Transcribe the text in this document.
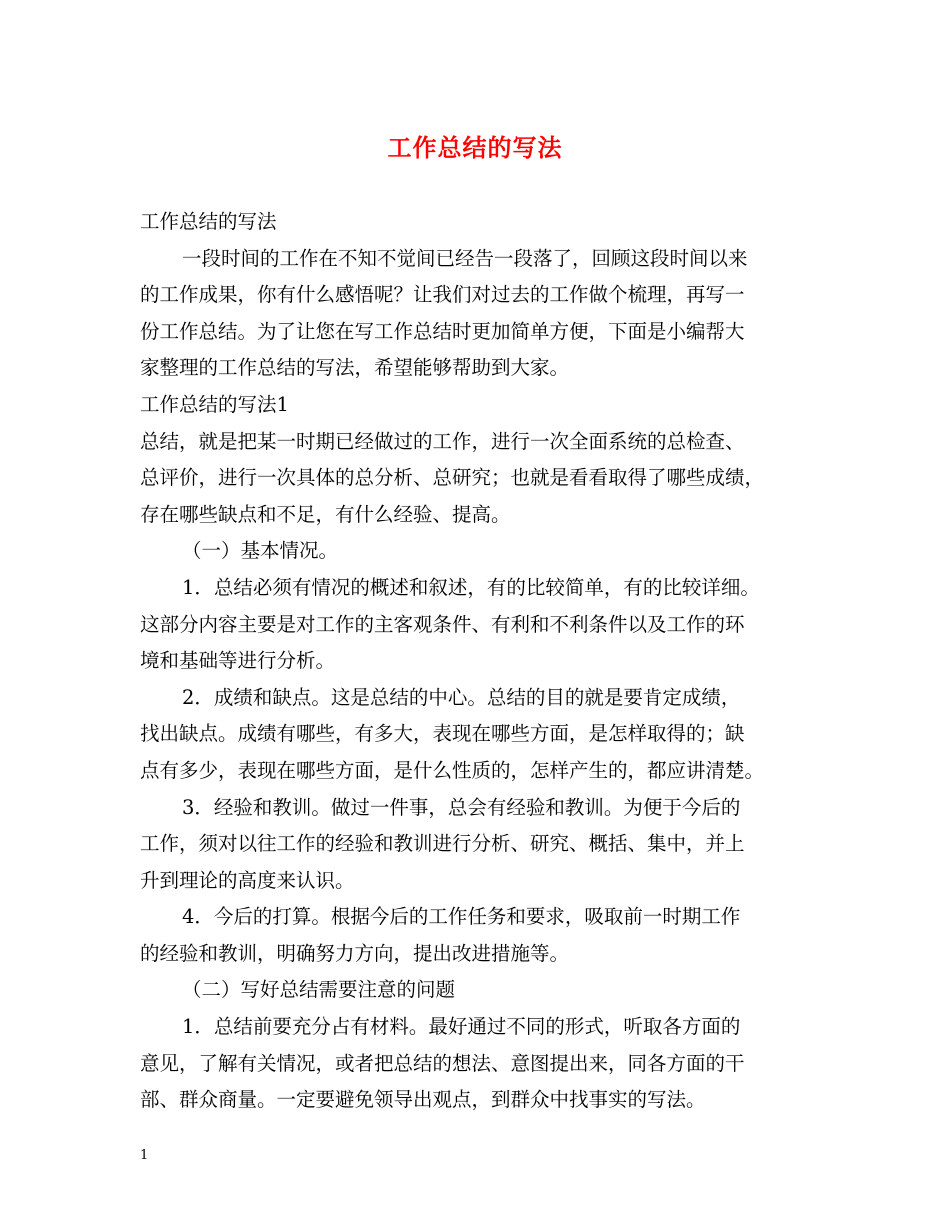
工作总结的写法
工作总结的写法
一段时间的工作在不知不觉间已经告一段落了，回顾这段时间以来
的工作成果，你有什么感悟呢？让我们对过去的工作做个梳理，再写一
份工作总结。为了让您在写工作总结时更加简单方便，下面是小编帮大
家整理的工作总结的写法，希望能够帮助到大家。
工作总结的写法1
总结，就是把某一时期已经做过的工作，进行一次全面系统的总检查、
总评价，进行一次具体的总分析、总研究；也就是看看取得了哪些成绩，
存在哪些缺点和不足，有什么经验、提高。
（一）基本情况。
1．总结必须有情况的概述和叙述，有的比较简单，有的比较详细。
这部分内容主要是对工作的主客观条件、有利和不利条件以及工作的环
境和基础等进行分析。
2．成绩和缺点。这是总结的中心。总结的目的就是要肯定成绩，
找出缺点。成绩有哪些，有多大，表现在哪些方面，是怎样取得的；缺
点有多少，表现在哪些方面，是什么性质的，怎样产生的，都应讲清楚。
3．经验和教训。做过一件事，总会有经验和教训。为便于今后的
工作，须对以往工作的经验和教训进行分析、研究、概括、集中，并上
升到理论的高度来认识。
4．今后的打算。根据今后的工作任务和要求，吸取前一时期工作
的经验和教训，明确努力方向，提出改进措施等。
（二）写好总结需要注意的问题
1．总结前要充分占有材料。最好通过不同的形式，听取各方面的
意见，了解有关情况，或者把总结的想法、意图提出来，同各方面的干
部、群众商量。一定要避免领导出观点，到群众中找事实的写法。
1
